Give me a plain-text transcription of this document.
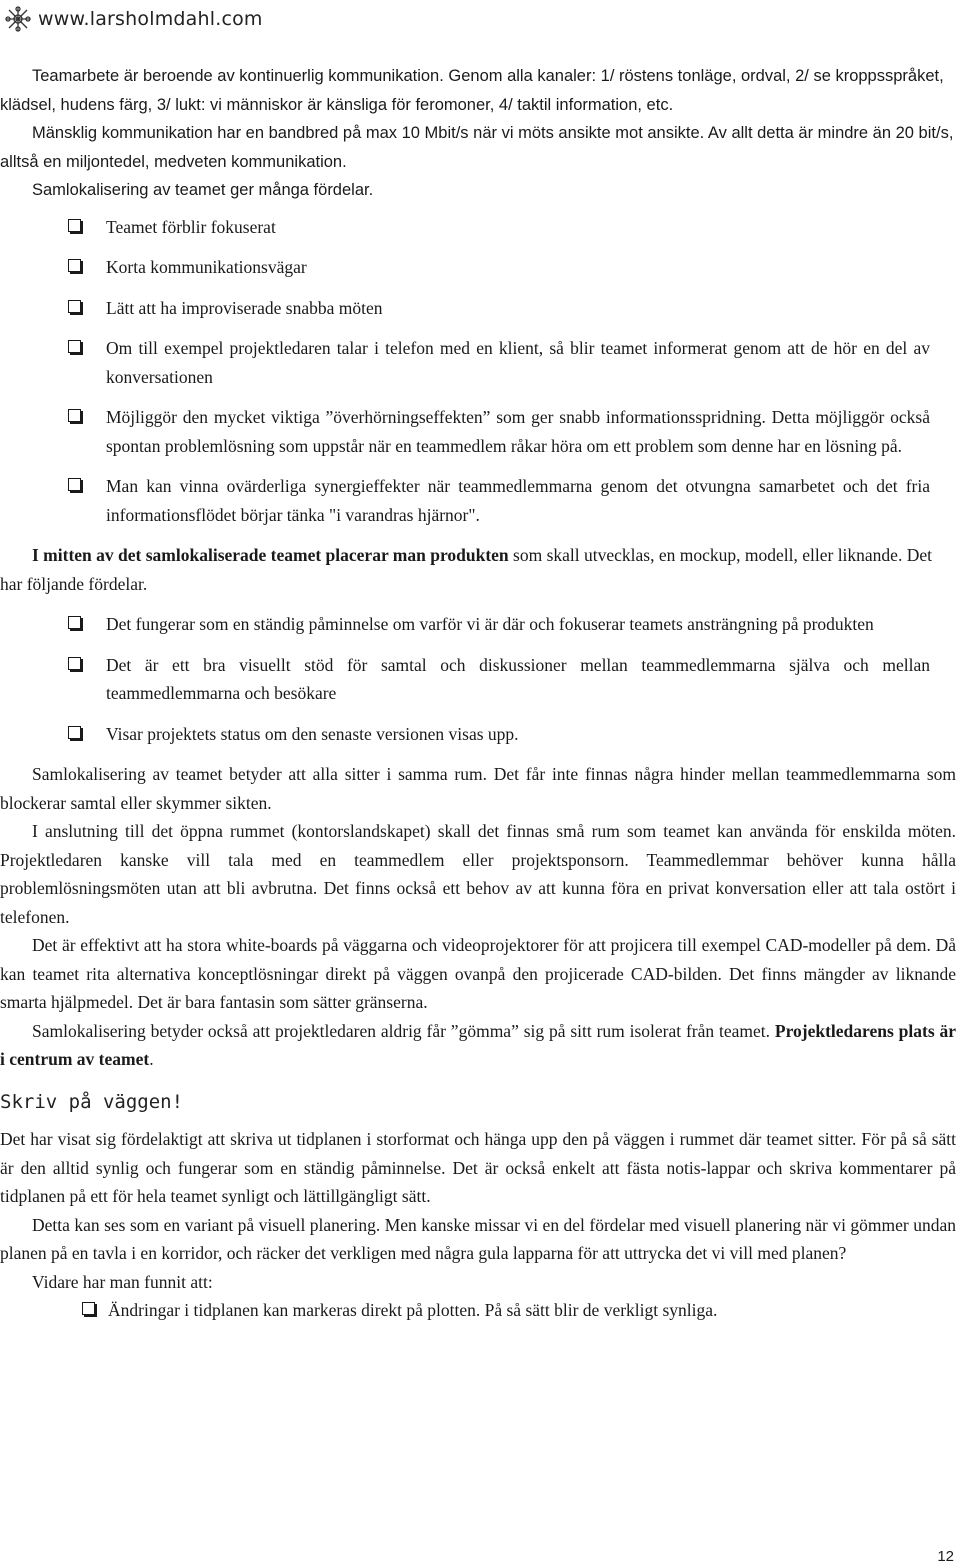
www.larsholmdahl.com

Teamarbete är beroende av kontinuerlig kommunikation. Genom alla kanaler: 1/ röstens tonläge, ordval, 2/ se kroppsspråket, klädsel, hudens färg, 3/ lukt: vi människor är känsliga för feromoner, 4/ taktil information, etc.

Mänsklig kommunikation har en bandbred på max 10 Mbit/s när vi möts ansikte mot ansikte. Av allt detta är mindre än 20 bit/s, alltså en miljontedel, medveten kommunikation.

Samlokalisering av teamet ger många fördelar.

Teamet förblir fokuserat
Korta kommunikationsvägar
Lätt att ha improviserade snabba möten
Om till exempel projektledaren talar i telefon med en klient, så blir teamet informerat genom att de hör en del av konversationen
Möjliggör den mycket viktiga ”överhörningseffekten” som ger snabb informationsspridning. Detta möjliggör också spontan problemlösning som uppstår när en teammedlem råkar höra om ett problem som denne har en lösning på.
Man kan vinna ovärderliga synergieffekter när teammedlemmarna genom det otvungna samarbetet och det fria informationsflödet börjar tänka "i varandras hjärnor".

I mitten av det samlokaliserade teamet placerar man produkten som skall utvecklas, en mockup, modell, eller liknande. Det har följande fördelar.

Det fungerar som en ständig påminnelse om varför vi är där och fokuserar teamets ansträngning på produkten
Det är ett bra visuellt stöd för samtal och diskussioner mellan teammedlemmarna själva och mellan teammedlemmarna och besökare
Visar projektets status om den senaste versionen visas upp.

Samlokalisering av teamet betyder att alla sitter i samma rum. Det får inte finnas några hinder mellan teammedlemmarna som blockerar samtal eller skymmer sikten.

I anslutning till det öppna rummet (kontorslandskapet) skall det finnas små rum som teamet kan använda för enskilda möten. Projektledaren kanske vill tala med en teammedlem eller projektsponsorn. Teammedlemmar behöver kunna hålla problemlösningsmöten utan att bli avbrutna. Det finns också ett behov av att kunna föra en privat konversation eller att tala ostört i telefonen.

Det är effektivt att ha stora white-boards på väggarna och videoprojektorer för att projicera till exempel CAD-modeller på dem. Då kan teamet rita alternativa konceptlösningar direkt på väggen ovanpå den projicerade CAD-bilden. Det finns mängder av liknande smarta hjälpmedel. Det är bara fantasin som sätter gränserna.

Samlokalisering betyder också att projektledaren aldrig får ”gömma” sig på sitt rum isolerat från teamet. Projektledarens plats är i centrum av teamet.

Skriv på väggen!

Det har visat sig fördelaktigt att skriva ut tidplanen i storformat och hänga upp den på väggen i rummet där teamet sitter. För på så sätt är den alltid synlig och fungerar som en ständig påminnelse. Det är också enkelt att fästa notis-lappar och skriva kommentarer på tidplanen på ett för hela teamet synligt och lättillgängligt sätt.

Detta kan ses som en variant på visuell planering. Men kanske missar vi en del fördelar med visuell planering när vi gömmer undan planen på en tavla i en korridor, och räcker det verkligen med några gula lapparna för att uttrycka det vi vill med planen?

Vidare har man funnit att:

Ändringar i tidplanen kan markeras direkt på plotten. På så sätt blir de verkligt synliga.
12
